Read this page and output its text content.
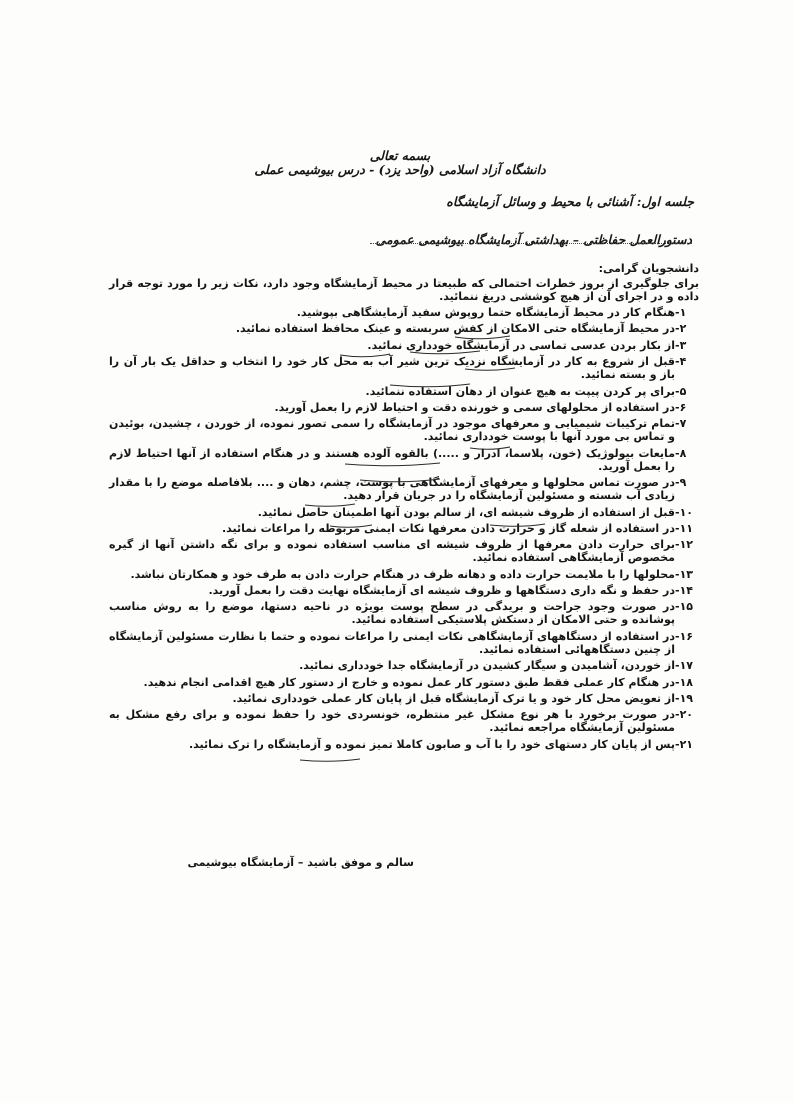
بسمه تعالی
دانشگاه آزاد اسلامی (واحد یزد) - درس بیوشیمی عملی
جلسه اول: آشنائی با محیط و وسائل آزمایشگاه
دستورالعمل حفاظتی – بهداشتی آزمایشگاه بیوشیمی عمومی

دانشجویان گرامی:

برای جلوگیری از بروز خطرات احتمالی که طبیعتا در محیط آزمایشگاه وجود دارد، نکات زیر را مورد توجه قرار داده و در اجرای آن از هیچ کوششی دریغ ننمائید.

۱-
هنگام کار در محیط آزمایشگاه حتما روپوش سفید آزمایشگاهی بپوشید.
۲-
در محیط آزمایشگاه حتی الامکان از کفش سربسته و عینک محافظ استفاده نمائید.
۳-
از بکار بردن عدسی تماسی در آزمایشگاه خودداری نمائید.
۴-
قبل از شروع به کار در آزمایشگاه نزدیک ترین شیر آب به محل کار خود را انتخاب و حداقل یک بار آن را باز و بسته نمائید.
۵-
برای پر کردن پیپت به هیچ عنوان از دهان استفاده ننمائید.
۶-
در استفاده از محلولهای سمی و خورنده دقت و احتیاط لازم را بعمل آورید.
۷-
تمام ترکیبات شیمیایی و معرفهای موجود در آزمایشگاه را سمی تصور نموده، از خوردن ، چشیدن، بوئیدن و تماس بی مورد آنها با پوست خودداری نمائید.
۸-
مایعات بیولوژیک (خون، پلاسما، ادرار و .....) بالقوه آلوده هستند و در هنگام استفاده از آنها احتیاط لازم را بعمل آورید.
۹-
در صورت تماس محلولها و معرفهای آزمایشگاهی با پوست، چشم، دهان و .... بلافاصله موضع را با مقدار زیادی آب شسته و مسئولین آزمایشگاه را در جریان قرار دهید.
۱۰-
قبل از استفاده از ظروف شیشه ای، از سالم بودن آنها اطمینان حاصل نمائید.
۱۱-
در استفاده از شعله گاز و حرارت دادن معرفها نکات ایمنی مربوطه را مراعات نمائید.
۱۲-
برای حرارت دادن معرفها از ظروف شیشه ای مناسب استفاده نموده و برای نگه داشتن آنها از گیره مخصوص آزمایشگاهی استفاده نمائید.
۱۳-
محلولها را با ملایمت حرارت داده و دهانه ظرف در هنگام حرارت دادن به طرف خود و همکارتان نباشد.
۱۴-
در حفظ و نگه داری دستگاهها و ظروف شیشه ای آزمایشگاه نهایت دقت را بعمل آورید.
۱۵-
در صورت وجود جراحت و بریدگی در سطح پوست بویژه در ناحیه دستها، موضع را به روش مناسب پوشانده و حتی الامکان از دستکش پلاستیکی استفاده نمائید.
۱۶-
در استفاده از دستگاههای آزمایشگاهی نکات ایمنی را مراعات نموده و حتما با نظارت مسئولین آزمایشگاه از چنین دستگاههائی استفاده نمائید.
۱۷-
از خوردن، آشامیدن و سیگار کشیدن در آزمایشگاه جدا خودداری نمائید.
۱۸-
در هنگام کار عملی فقط طبق دستور کار عمل نموده و خارج از دستور کار هیچ اقدامی انجام ندهید.
۱۹-
از تعویض محل کار خود و یا ترک آزمایشگاه قبل از پایان کار عملی خودداری نمائید.
۲۰-
در صورت برخورد با هر نوع مشکل غیر منتظره، خونسردی خود را حفظ نموده و برای رفع مشکل به مسئولین آزمایشگاه مراجعه نمائید.
۲۱-
پس از پایان کار دستهای خود را با آب و صابون کاملا تمیز نموده و آزمایشگاه را ترک نمائید.
سالم و موفق باشید – آزمایشگاه بیوشیمی
